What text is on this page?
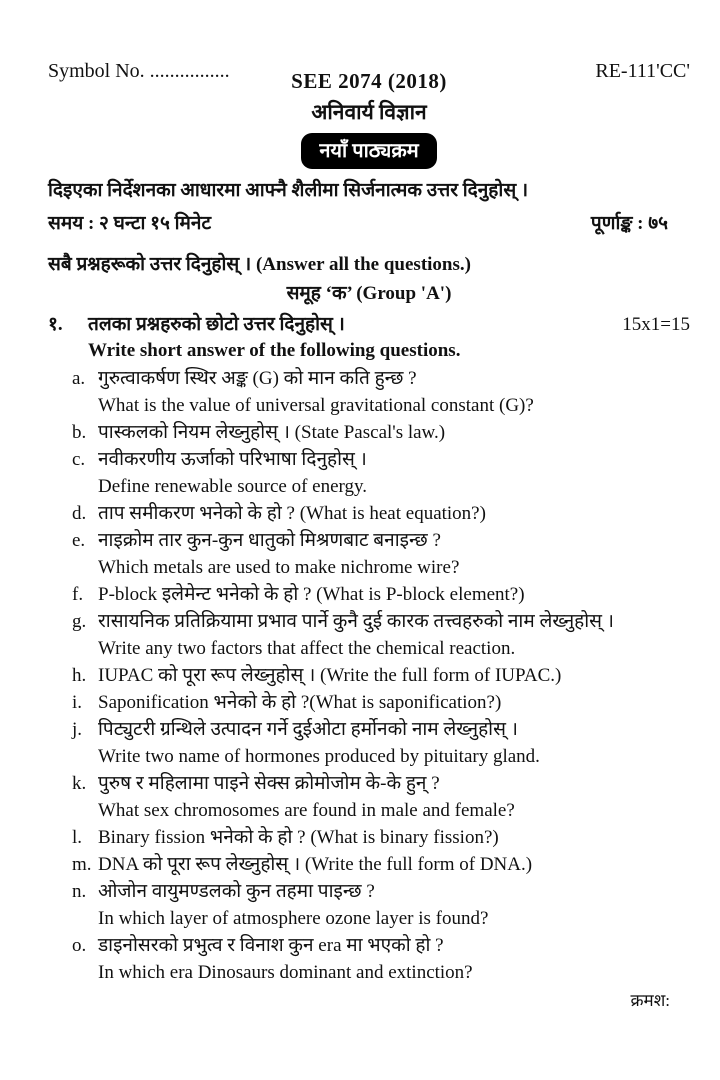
Symbol No. ................	SEE 2074 (2018)	RE-111'CC'
अनिवार्य विज्ञान
नयाँ पाठ्यक्रम
दिइएका निर्देशनका आधारमा आफ्नै शैलीमा सिर्जनात्मक उत्तर दिनुहोस् ।
समय : २ घन्टा १५ मिनेट	पूर्णाङ्क : ७५
सबै प्रश्नहरूको उत्तर दिनुहोस् । (Answer all the questions.)
समूह ‘क’ (Group 'A')
१.	तलका प्रश्नहरुको छोटो उत्तर दिनुहोस् ।	15x1=15
Write short answer of the following questions.
a. गुरुत्वाकर्षण स्थिर अङ्क (G) को मान कति हुन्छ ?
What is the value of universal gravitational constant (G)?
b. पास्कलको नियम लेख्नुहोस् । (State Pascal's law.)
c. नवीकरणीय ऊर्जाको परिभाषा दिनुहोस् ।
Define renewable source of energy.
d. ताप समीकरण भनेको के हो ? (What is heat equation?)
e. नाइक्रोम तार कुन-कुन धातुको मिश्रणबाट बनाइन्छ ?
Which metals are used to make nichrome wire?
f. P-block इलेमेन्ट भनेको के हो ? (What is P-block element?)
g. रासायनिक प्रतिक्रियामा प्रभाव पार्ने कुनै दुई कारक तत्त्वहरुको नाम लेख्नुहोस् ।
Write any two factors that affect the chemical reaction.
h. IUPAC को पूरा रूप लेख्नुहोस् । (Write the full form of IUPAC.)
i. Saponification भनेको के हो ?(What is saponification?)
j. पिट्युटरी ग्रन्थिले उत्पादन गर्ने दुईओटा हर्मोनको नाम लेख्नुहोस् ।
Write two name of hormones produced by pituitary gland.
k. पुरुष र महिलामा पाइने सेक्स क्रोमोजोम के-के हुन् ?
What sex chromosomes are found in male and female?
l. Binary fission भनेको के हो ? (What is binary fission?)
m. DNA को पूरा रूप लेख्नुहोस् । (Write the full form of DNA.)
n. ओजोन वायुमण्डलको कुन तहमा पाइन्छ ?
In which layer of atmosphere ozone layer is found?
o. डाइनोसरको प्रभुत्व र विनाश कुन era मा भएको हो ?
In which era Dinosaurs dominant and extinction?
क्रमश:
